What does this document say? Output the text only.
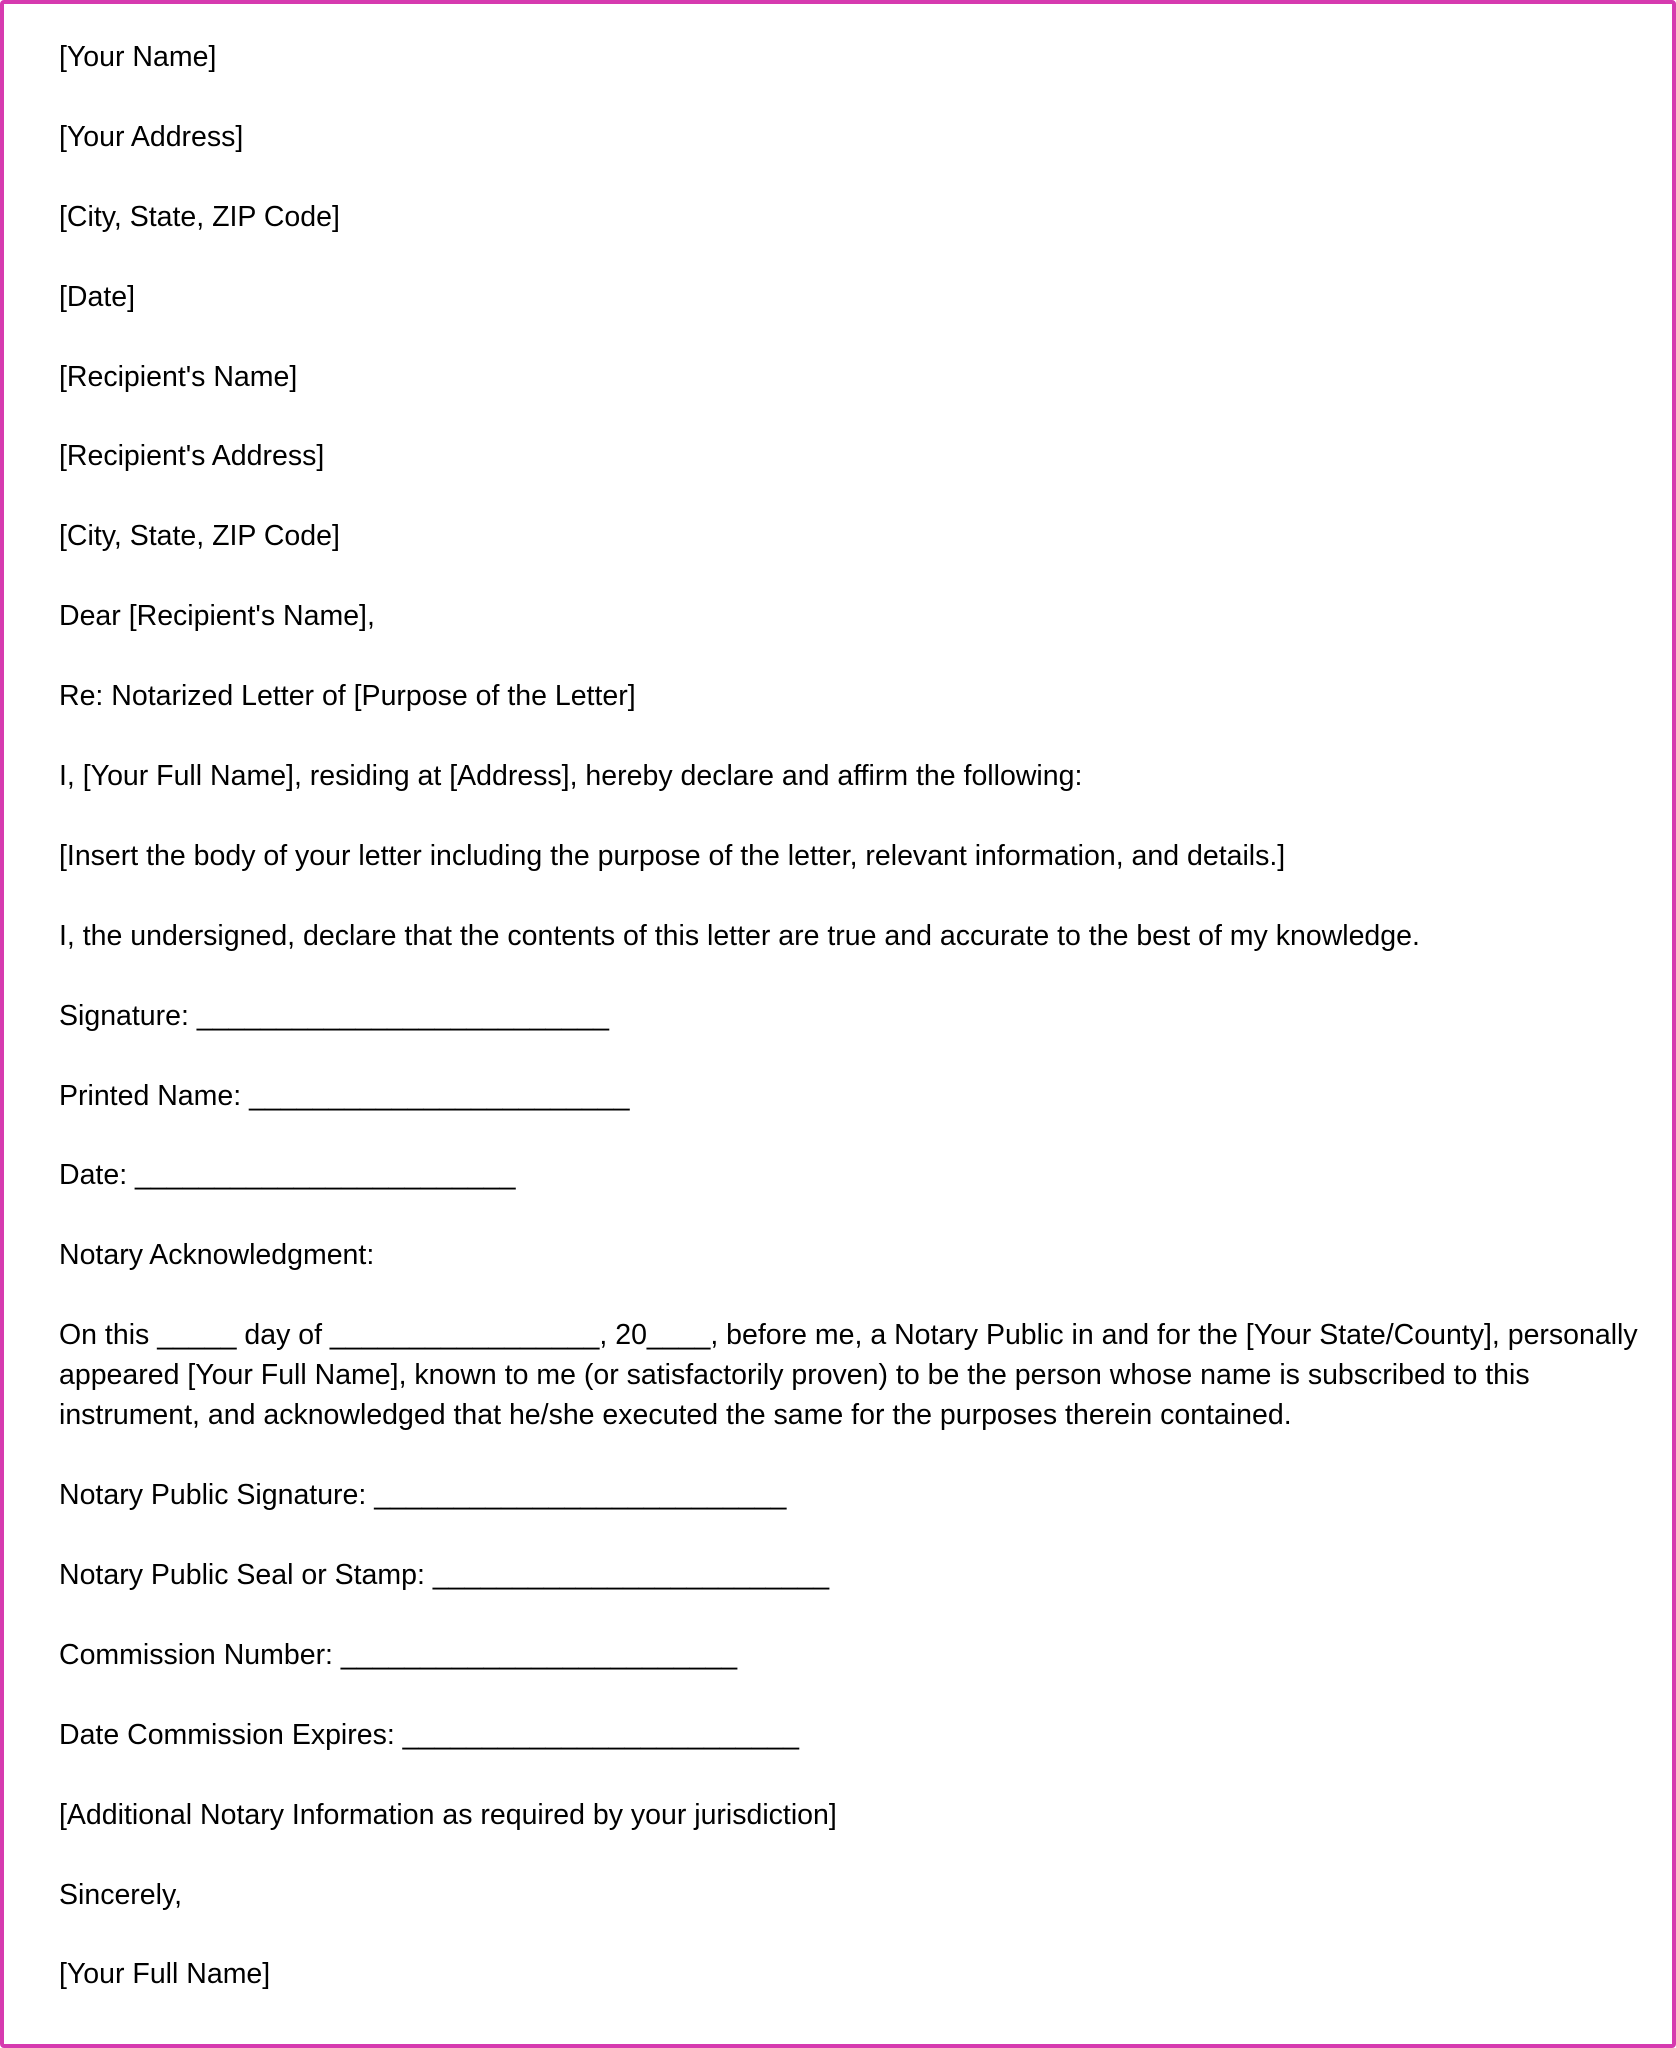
[Your Name]

[Your Address]

[City, State, ZIP Code]

[Date]

[Recipient's Name]

[Recipient's Address]

[City, State, ZIP Code]

Dear [Recipient's Name],

Re: Notarized Letter of [Purpose of the Letter]

I, [Your Full Name], residing at [Address], hereby declare and affirm the following:

[Insert the body of your letter including the purpose of the letter, relevant information, and details.]

I, the undersigned, declare that the contents of this letter are true and accurate to the best of my knowledge.

Signature: __________________________

Printed Name: ________________________

Date: ________________________

Notary Acknowledgment:

On this _____ day of _________________, 20____, before me, a Notary Public in and for the [Your State/County], personally appeared [Your Full Name], known to me (or satisfactorily proven) to be the person whose name is subscribed to this instrument, and acknowledged that he/she executed the same for the purposes therein contained.

Notary Public Signature: __________________________

Notary Public Seal or Stamp: _________________________

Commission Number: _________________________

Date Commission Expires: _________________________

[Additional Notary Information as required by your jurisdiction]

Sincerely,

[Your Full Name]
